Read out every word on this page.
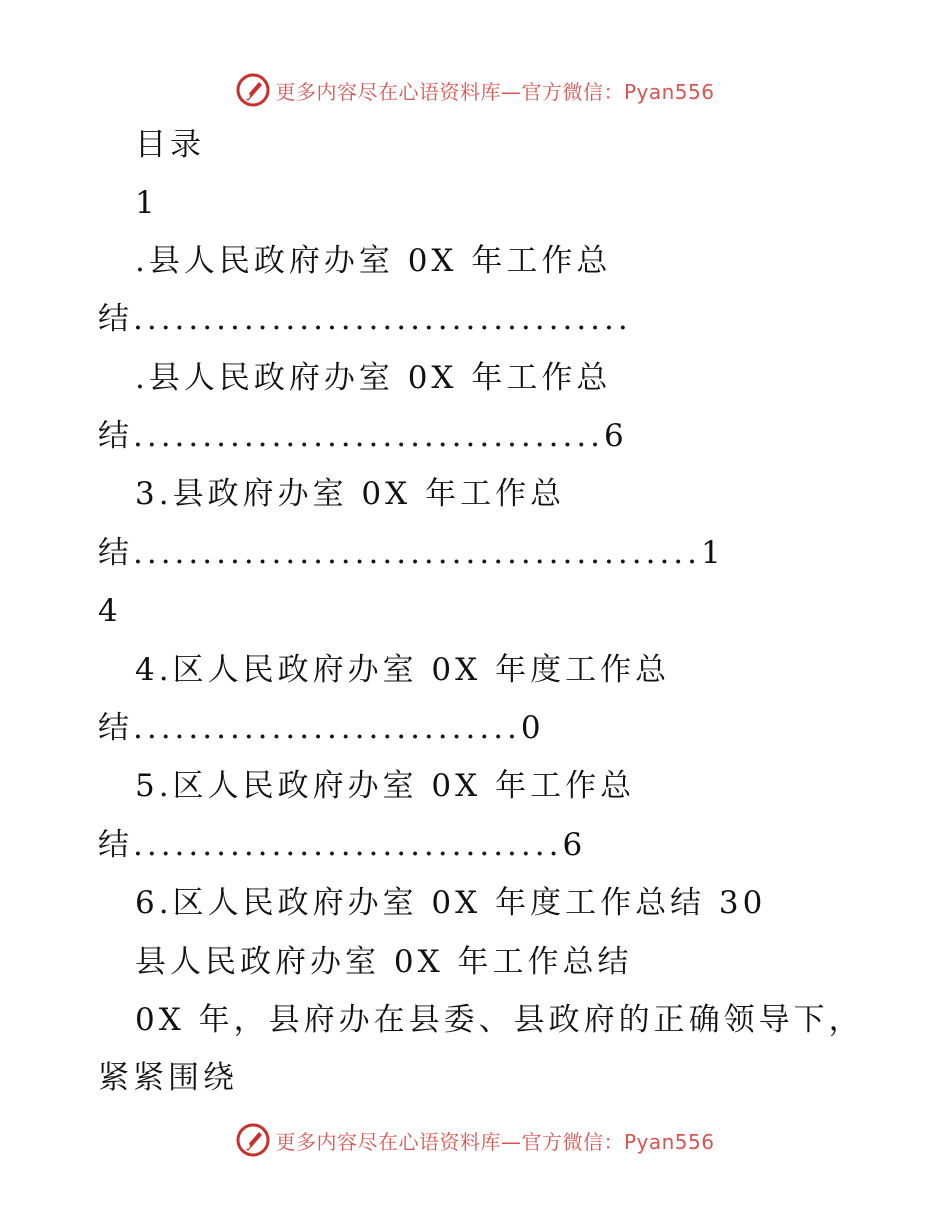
更多内容尽在心语资料库—官方微信：Pyan556
目录
1
.县人民政府办室 0X 年工作总
结....................................
.县人民政府办室 0X 年工作总
结..................................6
3.县政府办室 0X 年工作总
结.........................................1
4
4.区人民政府办室 0X 年度工作总
结............................0
5.区人民政府办室 0X 年工作总
结...............................6
6.区人民政府办室 0X 年度工作总结 30
县人民政府办室 0X 年工作总结
0X 年，县府办在县委、县政府的正确领导下，
紧紧围绕
更多内容尽在心语资料库—官方微信：Pyan556
